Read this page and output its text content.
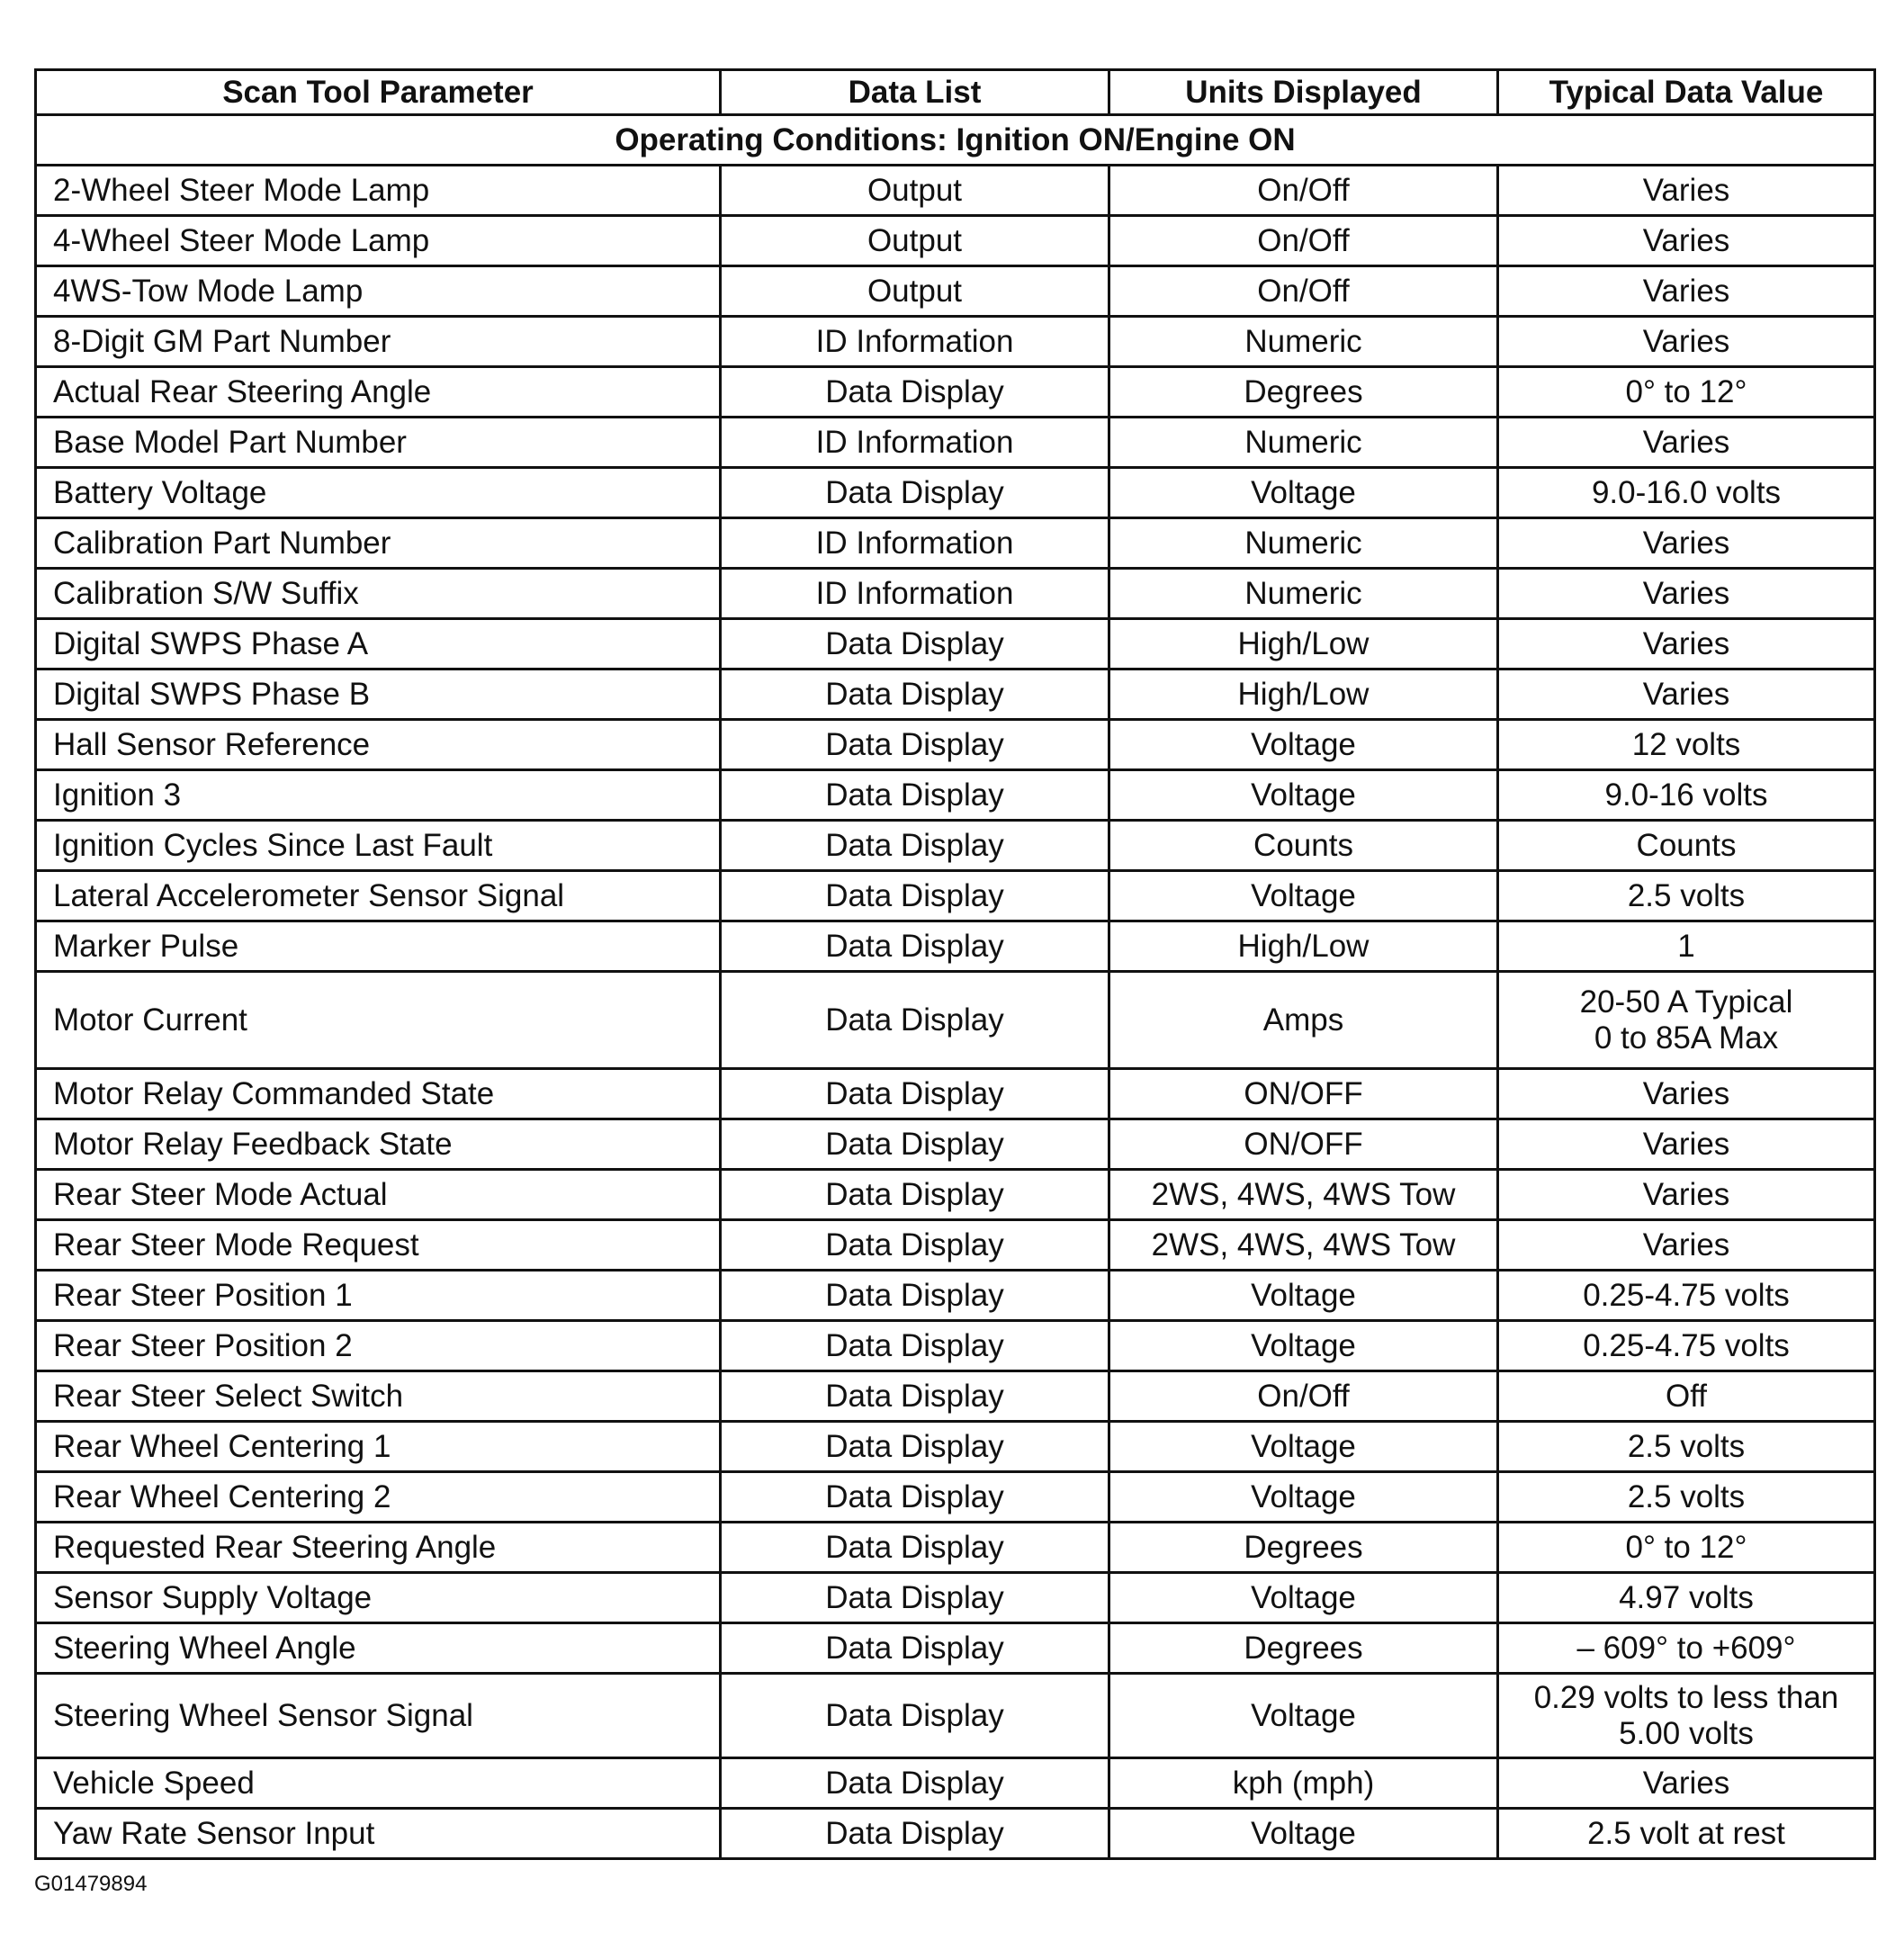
Scan Tool Parameter	Data List	Units Displayed	Typical Data Value
Operating Conditions: Ignition ON/Engine ON			
2-Wheel Steer Mode Lamp	Output	On/Off	Varies

4-Wheel Steer Mode Lamp	Output	On/Off	Varies

4WS-Tow Mode Lamp	Output	On/Off	Varies

8-Digit GM Part Number	ID Information	Numeric	Varies

Actual Rear Steering Angle	Data Display	Degrees	0° to 12°

Base Model Part Number	ID Information	Numeric	Varies

Battery Voltage	Data Display	Voltage	9.0-16.0 volts

Calibration Part Number	ID Information	Numeric	Varies

Calibration S/W Suffix	ID Information	Numeric	Varies

Digital SWPS Phase A	Data Display	High/Low	Varies

Digital SWPS Phase B	Data Display	High/Low	Varies

Hall Sensor Reference	Data Display	Voltage	12 volts

Ignition 3	Data Display	Voltage	9.0-16 volts

Ignition Cycles Since Last Fault	Data Display	Counts	Counts

Lateral Accelerometer Sensor Signal	Data Display	Voltage	2.5 volts

Marker Pulse	Data Display	High/Low	1

Motor Current	Data Display	Amps	20-50 A Typical
0 to 85A Max

Motor Relay Commanded State	Data Display	ON/OFF	Varies

Motor Relay Feedback State	Data Display	ON/OFF	Varies

Rear Steer Mode Actual	Data Display	2WS, 4WS, 4WS Tow	Varies

Rear Steer Mode Request	Data Display	2WS, 4WS, 4WS Tow	Varies

Rear Steer Position 1	Data Display	Voltage	0.25-4.75 volts

Rear Steer Position 2	Data Display	Voltage	0.25-4.75 volts

Rear Steer Select Switch	Data Display	On/Off	Off

Rear Wheel Centering 1	Data Display	Voltage	2.5 volts

Rear Wheel Centering 2	Data Display	Voltage	2.5 volts

Requested Rear Steering Angle	Data Display	Degrees	0° to 12°

Sensor Supply Voltage	Data Display	Voltage	4.97 volts

Steering Wheel Angle	Data Display	Degrees	– 609° to +609°

Steering Wheel Sensor Signal	Data Display	Voltage	0.29 volts to less than
5.00 volts

Vehicle Speed	Data Display	kph (mph)	Varies

Yaw Rate Sensor Input	Data Display	Voltage	2.5 volt at rest
G01479894
